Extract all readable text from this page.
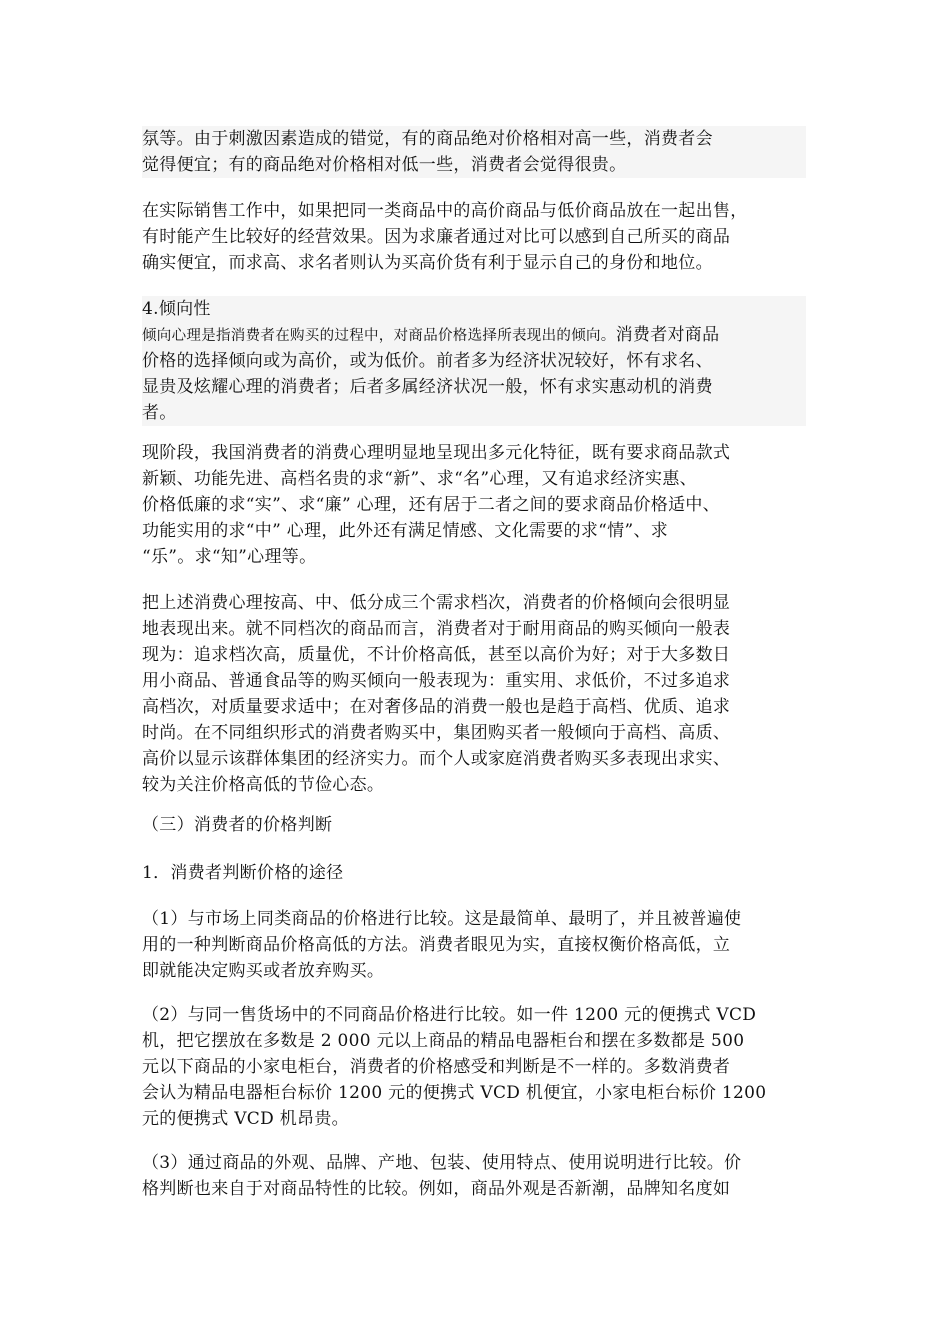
氛等。由于刺激因素造成的错觉，有的商品绝对价格相对高一些，消费者会
觉得便宜；有的商品绝对价格相对低一些，消费者会觉得很贵。
在实际销售工作中，如果把同一类商品中的高价商品与低价商品放在一起出售，
有时能产生比较好的经营效果。因为求廉者通过对比可以感到自己所买的商品
确实便宜，而求高、求名者则认为买高价货有利于显示自己的身份和地位。
4.倾向性
倾向心理是指消费者在购买的过程中，对商品价格选择所表现出的倾向。消费者对商品
价格的选择倾向或为高价，或为低价。前者多为经济状况较好，怀有求名、
显贵及炫耀心理的消费者；后者多属经济状况一般，怀有求实惠动机的消费
者。
现阶段，我国消费者的消费心理明显地呈现出多元化特征，既有要求商品款式
新颖、功能先进、高档名贵的求“新”、求“名”心理，又有追求经济实惠、
价格低廉的求“实”、求“廉” 心理，还有居于二者之间的要求商品价格适中、
功能实用的求“中” 心理，此外还有满足情感、文化需要的求“情”、求
“乐”。求“知”心理等。
把上述消费心理按高、中、低分成三个需求档次，消费者的价格倾向会很明显
地表现出来。就不同档次的商品而言，消费者对于耐用商品的购买倾向一般表
现为：追求档次高，质量优，不计价格高低，甚至以高价为好；对于大多数日
用小商品、普通食品等的购买倾向一般表现为：重实用、求低价，不过多追求
高档次，对质量要求适中；在对奢侈品的消费一般也是趋于高档、优质、追求
时尚。在不同组织形式的消费者购买中，集团购买者一般倾向于高档、高质、
高价以显示该群体集团的经济实力。而个人或家庭消费者购买多表现出求实、
较为关注价格高低的节俭心态。
（三）消费者的价格判断
1．消费者判断价格的途径
（1）与市场上同类商品的价格进行比较。这是最简单、最明了，并且被普遍使
用的一种判断商品价格高低的方法。消费者眼见为实，直接权衡价格高低，立
即就能决定购买或者放弃购买。
（2）与同一售货场中的不同商品价格进行比较。如一件 1200 元的便携式 VCD
机，把它摆放在多数是 2 000 元以上商品的精品电器柜台和摆在多数都是 500
元以下商品的小家电柜台，消费者的价格感受和判断是不一样的。多数消费者
会认为精品电器柜台标价 1200 元的便携式 VCD 机便宜，小家电柜台标价 1200
元的便携式 VCD 机昂贵。
（3）通过商品的外观、品牌、产地、包装、使用特点、使用说明进行比较。价
格判断也来自于对商品特性的比较。例如，商品外观是否新潮，品牌知名度如
